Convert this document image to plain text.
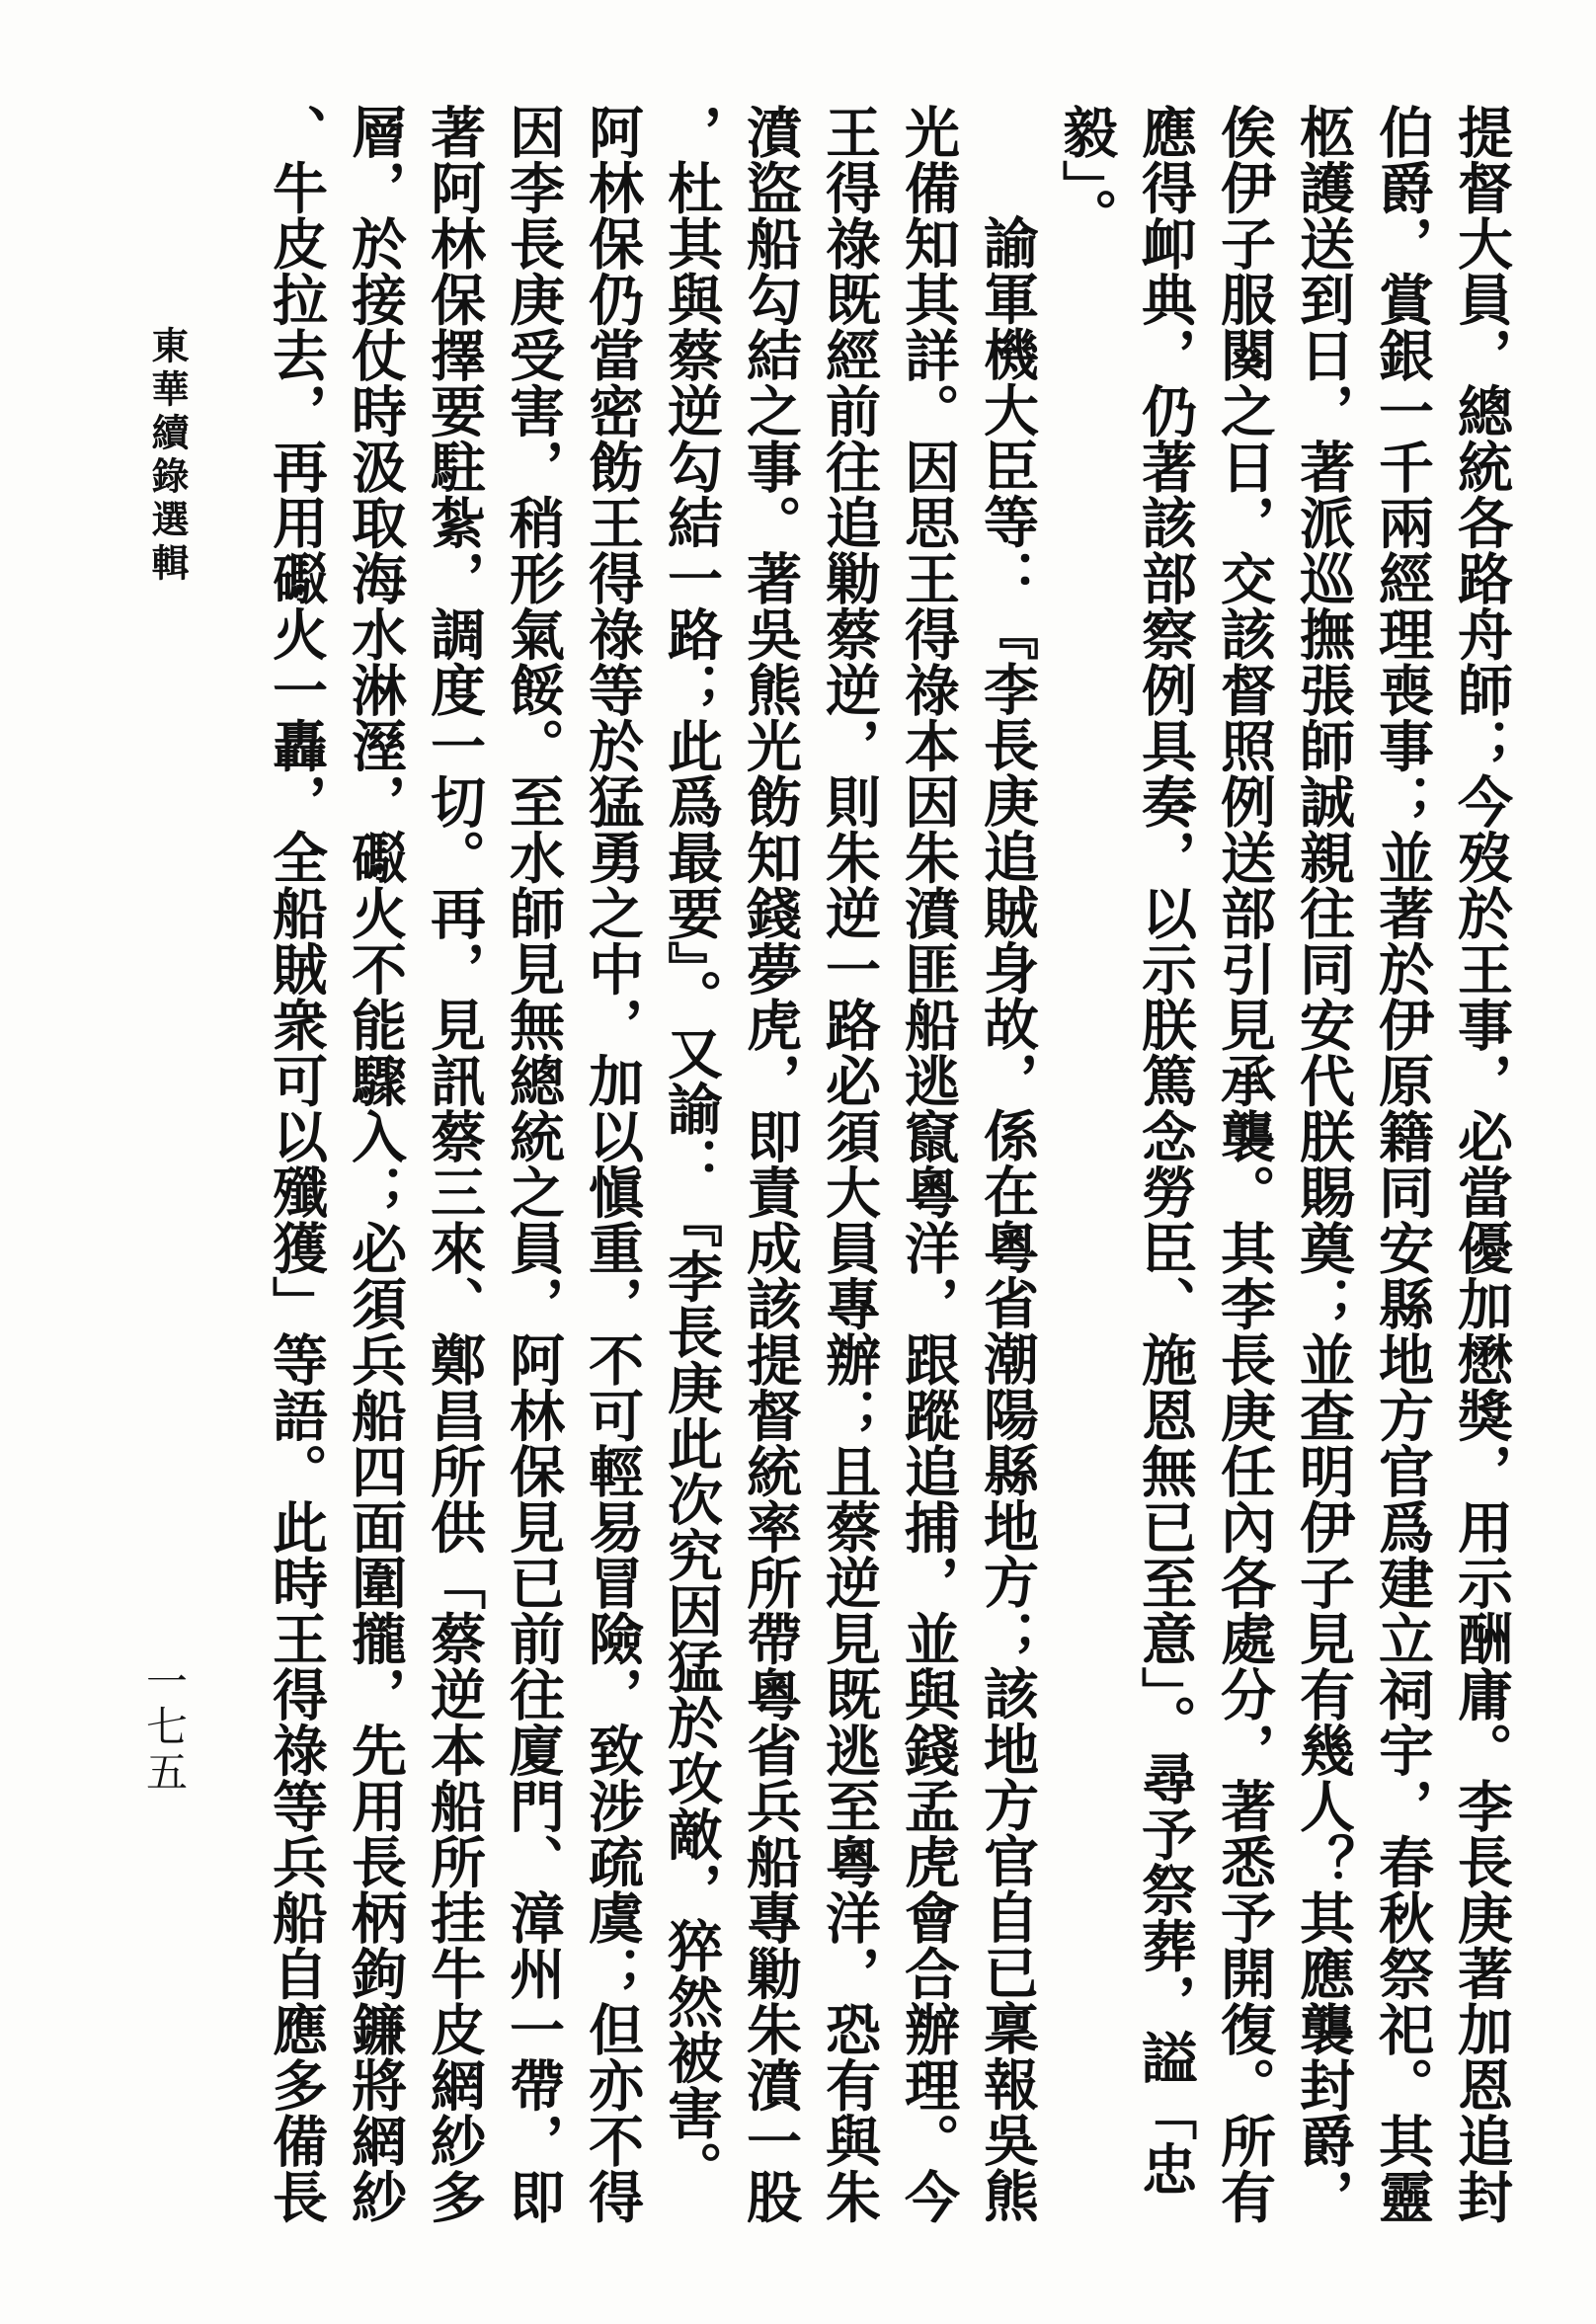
提督大員，總統各路舟師；今歿於王事，必當優加懋獎，用示酬庸。李長庚著加恩追封
伯爵，賞銀一千兩經理喪事；並著於伊原籍同安縣地方官爲建立祠宇，春秋祭祀。其靈
柩護送到日，著派巡撫張師誠親往同安代朕賜奠；並查明伊子見有幾人？其應襲封爵，
俟伊子服闋之日，交該督照例送部引見承襲。其李長庚任內各處分，著悉予開復。所有
應得卹典，仍著該部察例具奏，以示朕篤念勞臣、施恩無已至意」。尋予祭葬，謚「忠
毅」。
諭軍機大臣等：『李長庚追賊身故，係在粵省潮陽縣地方；該地方官自已稟報吳熊
光備知其詳。因思王得祿本因朱濆匪船逃竄粵洋，跟蹤追捕，並與錢孟虎會合辦理。今
王得祿既經前往追勦蔡逆，則朱逆一路必須大員專辦；且蔡逆見既逃至粵洋，恐有與朱
濆盜船勾結之事。著吳熊光飭知錢夢虎，即責成該提督統率所帶粵省兵船專勦朱濆一股
，杜其與蔡逆勾結一路；此爲最要』。又諭：『李長庚此次究因猛於攻敵，猝然被害。
阿林保仍當密飭王得祿等於猛勇之中，加以愼重，不可輕易冒險，致涉疏虞；但亦不得
因李長庚受害，稍形氣餒。至水師見無總統之員，阿林保見已前往廈門、漳州一帶，即
著阿林保擇要駐紮，調度一切。再，見訊蔡三來、鄭昌所供「蔡逆本船所挂牛皮網紗多
層，於接仗時汲取海水淋溼，礟火不能驟入；必須兵船四面圍攏，先用長柄鉤鐮將網紗
、牛皮拉去，再用礟火一轟，全船賊衆可以殲獲」等語。此時王得祿等兵船自應多備長
東華續錄選輯
一七五
